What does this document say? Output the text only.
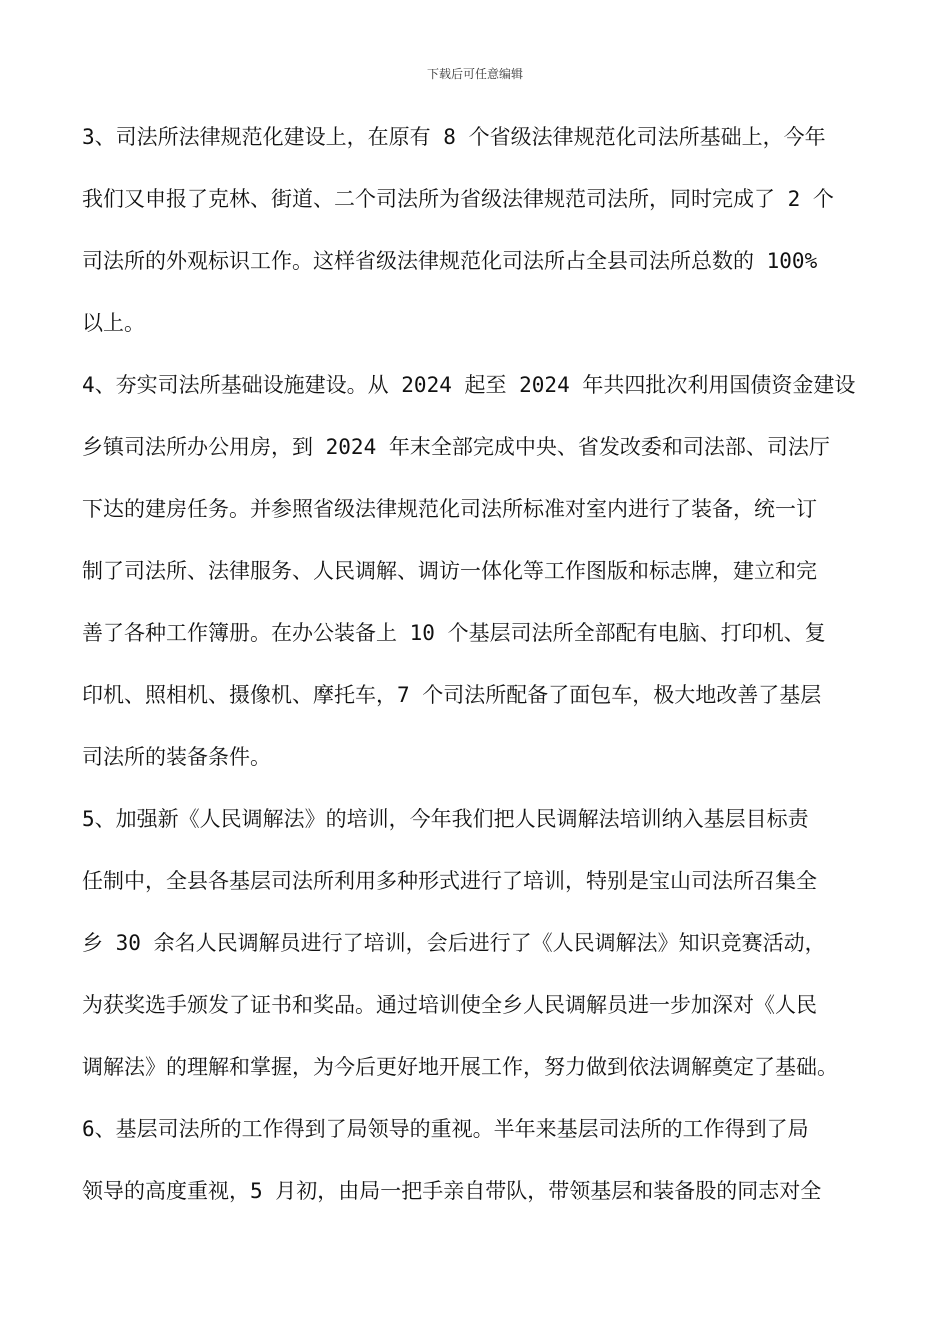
下载后可任意编辑
3、司法所法律规范化建设上，在原有 8 个省级法律规范化司法所基础上，今年
我们又申报了克林、街道、二个司法所为省级法律规范司法所，同时完成了 2 个
司法所的外观标识工作。这样省级法律规范化司法所占全县司法所总数的 100%
以上。
4、夯实司法所基础设施建设。从 2024 起至 2024 年共四批次利用国债资金建设
乡镇司法所办公用房，到 2024 年末全部完成中央、省发改委和司法部、司法厅
下达的建房任务。并参照省级法律规范化司法所标准对室内进行了装备，统一订
制了司法所、法律服务、人民调解、调访一体化等工作图版和标志牌，建立和完
善了各种工作簿册。在办公装备上 10 个基层司法所全部配有电脑、打印机、复
印机、照相机、摄像机、摩托车，7 个司法所配备了面包车，极大地改善了基层
司法所的装备条件。
5、加强新《人民调解法》的培训，今年我们把人民调解法培训纳入基层目标责
任制中，全县各基层司法所利用多种形式进行了培训，特别是宝山司法所召集全
乡 30 余名人民调解员进行了培训，会后进行了《人民调解法》知识竞赛活动，
为获奖选手颁发了证书和奖品。通过培训使全乡人民调解员进一步加深对《人民
调解法》的理解和掌握，为今后更好地开展工作，努力做到依法调解奠定了基础。
6、基层司法所的工作得到了局领导的重视。半年来基层司法所的工作得到了局
领导的高度重视，5 月初，由局一把手亲自带队，带领基层和装备股的同志对全
